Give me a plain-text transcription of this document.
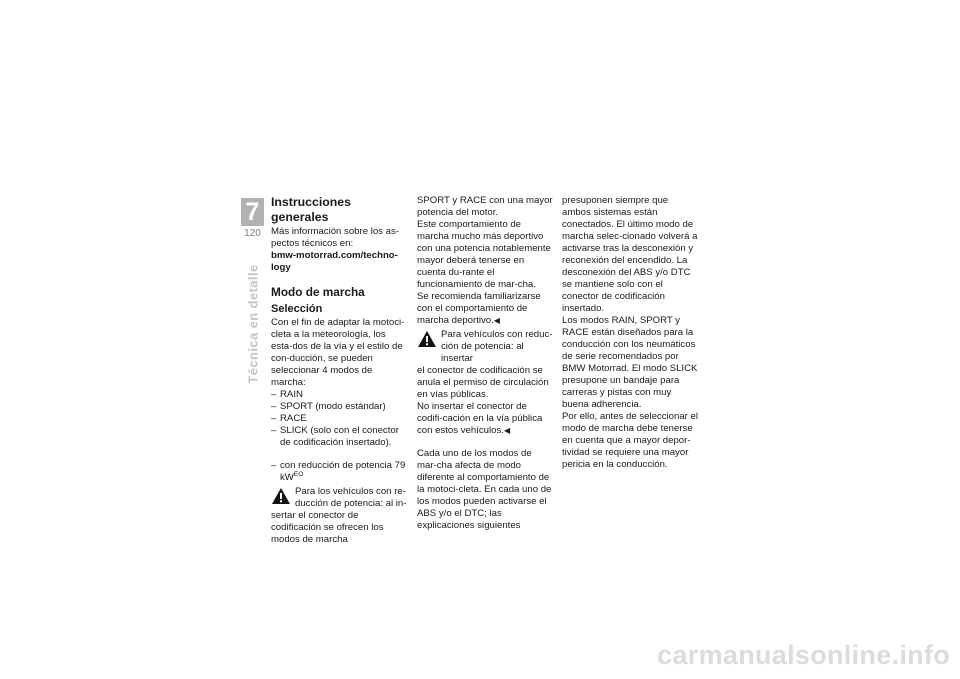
7
120
Técnica en detalle
Instrucciones generales

Más información sobre los as-pectos técnicos en:

bmw-motorrad.com/techno-logy

Modo de marcha
Selección

Con el fin de adaptar la motoci-cleta a la meteorología, los esta-dos de la vía y el estilo de con-ducción, se pueden seleccionar 4 modos de marcha:

– RAIN
– SPORT (modo estándar)
– RACE
– SLICK (solo con el conector de codificación insertado).
– con reducción de potencia 79 $kW^{EO}$
Para los vehículos con re-ducción de potencia: al in-
sertar el conector de codificación se ofrecen los modos de marcha

SPORT y RACE con una mayor potencia del motor.

Este comportamiento de marcha mucho más deportivo con una potencia notablemente mayor deberá tenerse en cuenta du-rante el funcionamiento de mar-cha.

Se recomienda familiarizarse con el comportamiento de marcha deportivo.◀

Para vehículos con reduc-ción de potencia: al insertar
el conector de codificación se anula el permiso de circulación en vías públicas.

No insertar el conector de codifi-cación en la vía pública con estos vehículos.◀

Cada uno de los modos de mar-cha afecta de modo diferente al comportamiento de la motoci-cleta. En cada uno de los modos pueden activarse el ABS y/o el DTC; las explicaciones siguientes

presuponen siempre que ambos sistemas están conectados. El último modo de marcha selec-cionado volverá a activarse tras la desconexión y reconexión del encendido. La desconexión del ABS y/o DTC se mantiene solo con el conector de codificación insertado.

Los modos RAIN, SPORT y RACE están diseñados para la conducción con los neumáticos de serie recomendados por BMW Motorrad. El modo SLICK presupone un bandaje para carreras y pistas con muy buena adherencia.

Por ello, antes de seleccionar el modo de marcha debe tenerse en cuenta que a mayor depor-tividad se requiere una mayor pericia en la conducción.

carmanualsonline.info
